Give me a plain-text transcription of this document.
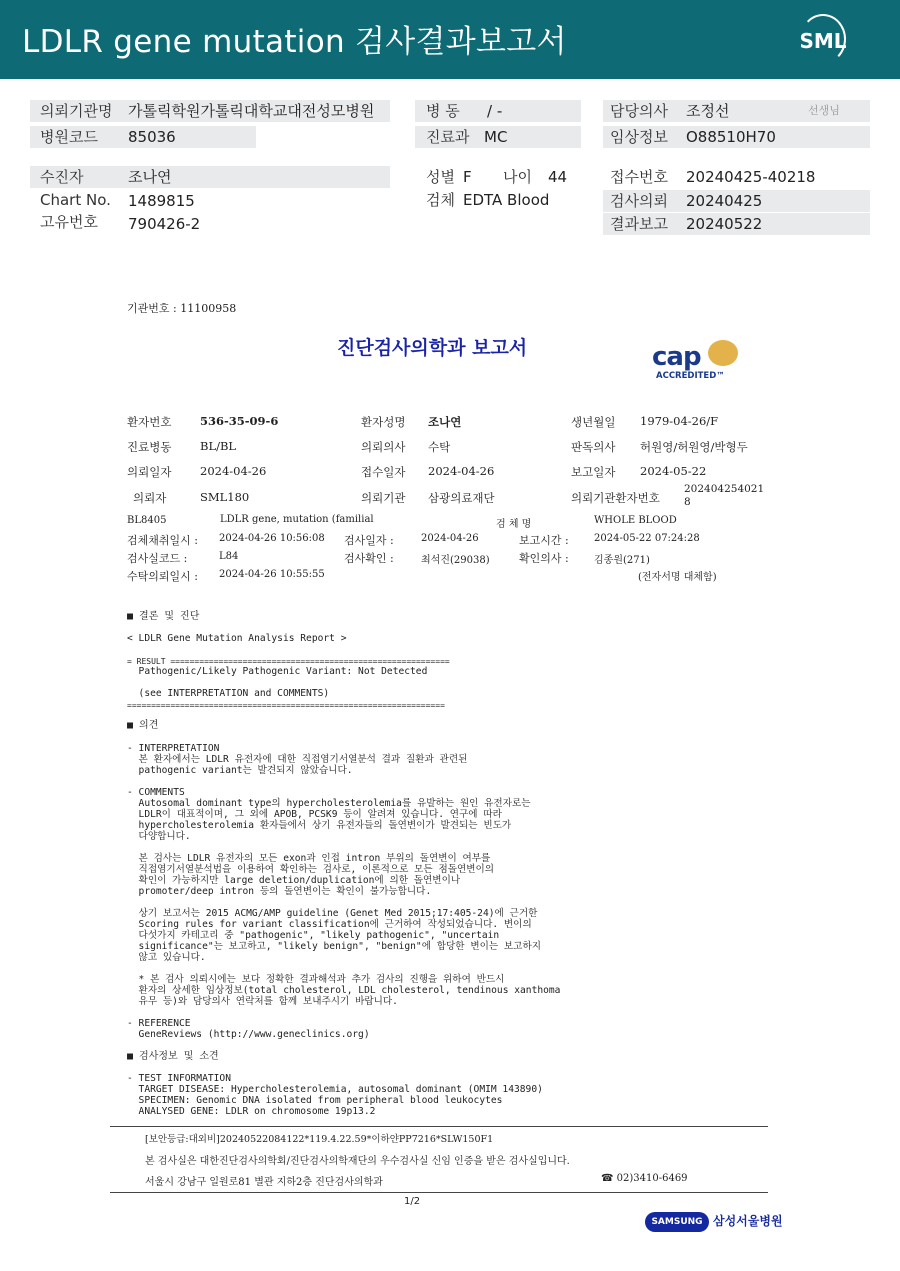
LDLR gene mutation 검사결과보고서	SML
의뢰기관명 가톨릭학원가톨릭대학교대전성모병원
병원코드 85036
병 동 / -
진료과 MC
담당의사 조정선	선생님
임상정보 O88510H70
수진자	조나연
Chart No. 1489815
고유번호 790426-2
성별 F 나이 44
검체 EDTA Blood
접수번호 20240425-40218
검사의뢰 20240425
결과보고 20240522
기관번호 : 11100958
진단검사의학과 보고서	cap
ACCREDITED™
환자번호 536-35-09-6	환자성명 조나연	생년월일 1979-04-26/F
진료병동 BL/BL	의뢰의사 수탁	판독의사 허원영/허원영/박형두
의뢰일자 2024-04-26	접수일자 2024-04-26	보고일자 2024-05-22
의뢰자	SML180	의뢰기관 삼광의료재단	의뢰기관환자번호
202404254021
8
BL8405	LDLR gene, mutation (familial	검 체 명	WHOLE BLOOD
검체채취일시 : 2024-04-26 10:56:08 검사일자 :	2024-04-26	보고시간 :	2024-05-22 07:24:28
검사실코드 :	L84	검사확인 :	최석진(29038)	확인의사 :	김종원(271)
수탁의뢰일시 : 2024-04-26 10:55:55	(전자서명 대체함)
■ 결론 및 진단
< LDLR Gene Mutation Analysis Report >
= RESULT ==========================================================
Pathogenic/Likely Pathogenic Variant: Not Detected
(see INTERPRETATION and COMMENTS)
==================================================================
■ 의견
- INTERPRETATION
본 환자에서는 LDLR 유전자에 대한 직접염기서열분석 결과 질환과 관련된
pathogenic variant는 발견되지 않았습니다.
- COMMENTS
Autosomal dominant type의 hypercholesterolemia를 유발하는 원인 유전자로는
LDLR이 대표적이며, 그 외에 APOB, PCSK9 등이 알려져 있습니다. 연구에 따라
hypercholesterolemia 환자들에서 상기 유전자들의 돌연변이가 발견되는 빈도가
다양합니다.
본 검사는 LDLR 유전자의 모든 exon과 인접 intron 부위의 돌연변이 여부를
직접염기서열분석법을 이용하여 확인하는 검사로, 이론적으로 모든 점돌연변이의
확인이 가능하지만 large deletion/duplication에 의한 돌연변이나
promoter/deep intron 등의 돌연변이는 확인이 불가능합니다.
상기 보고서는 2015 ACMG/AMP guideline (Genet Med 2015;17:405-24)에 근거한
Scoring rules for variant classification에 근거하여 작성되었습니다. 변이의
다섯가지 카테고리 중 "pathogenic", "likely pathogenic", "uncertain
significance"는 보고하고, "likely benign", "benign"에 합당한 변이는 보고하지
않고 있습니다.
* 본 검사 의뢰시에는 보다 정확한 결과해석과 추가 검사의 진행을 위하여 반드시
환자의 상세한 임상정보(total cholesterol, LDL cholesterol, tendinous xanthoma
유무 등)와 담당의사 연락처를 함께 보내주시기 바랍니다.
- REFERENCE
GeneReviews (http://www.geneclinics.org)
■ 검사정보 및 소견
- TEST INFORMATION
TARGET DISEASE: Hypercholesterolemia, autosomal dominant (OMIM 143890)
SPECIMEN: Genomic DNA isolated from peripheral blood leukocytes
ANALYSED GENE: LDLR on chromosome 19p13.2
[보안등급:대외비]20240522084122*119.4.22.59*이하얀PP7216*SLW150F1
본 검사실은 대한진단검사의학회/진단검사의학재단의 우수검사실 신임 인증을 받은 검사실입니다.
서울시 강남구 일원로81 별관 지하2층 진단검사의학과	☎ 02)3410-6469
1/2
SAMSUNG 삼성서울병원
